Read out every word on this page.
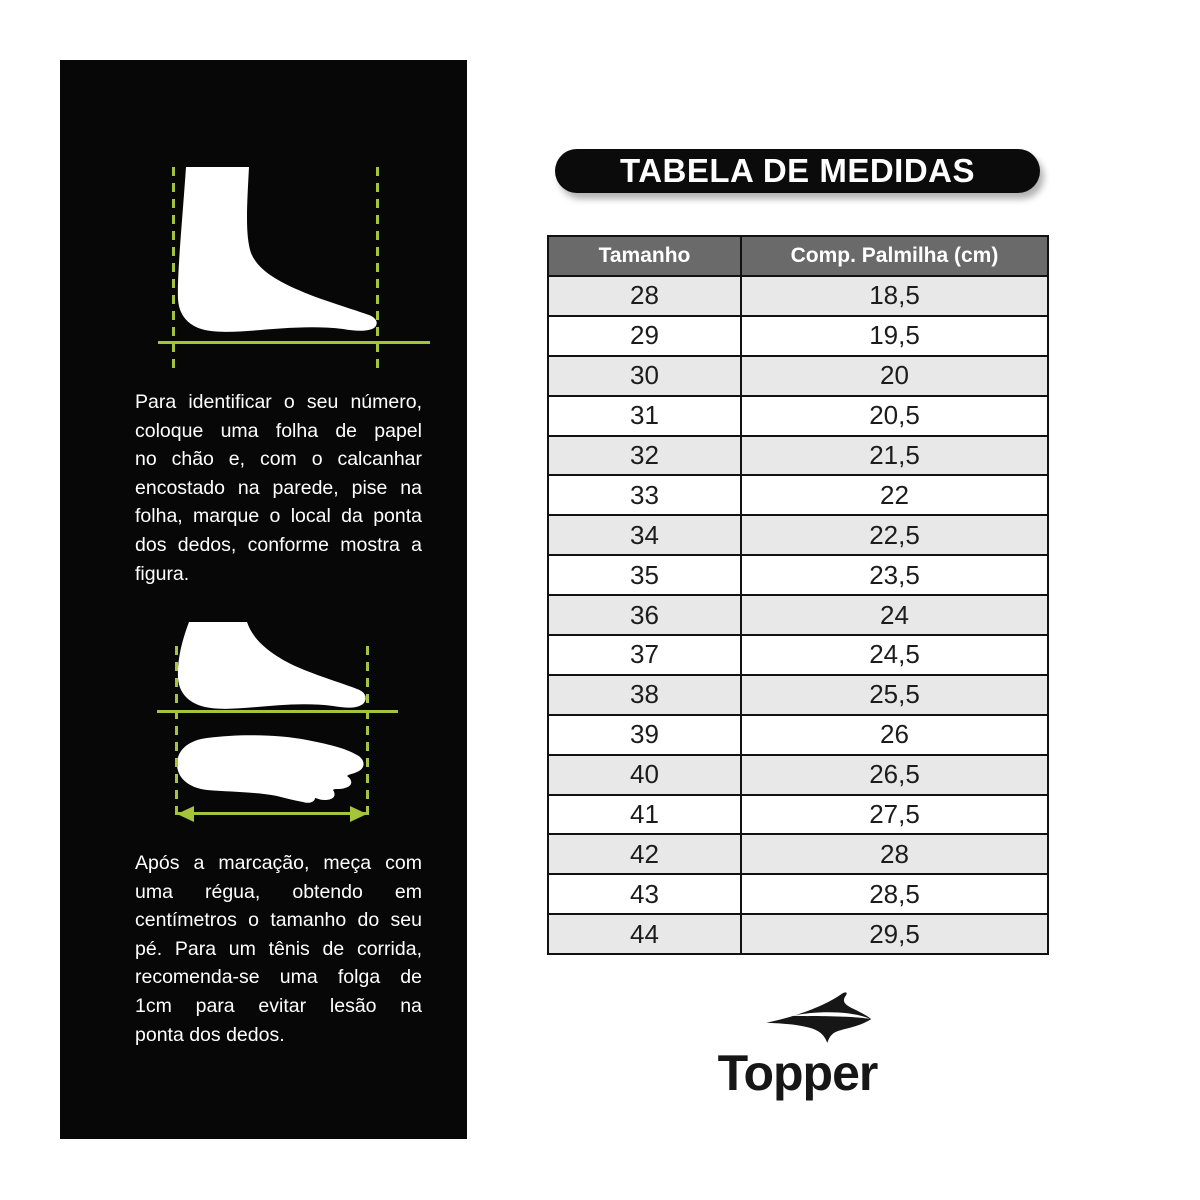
Para identificar o seu número,
coloque uma folha de papel
no chão e, com o calcanhar
encostado na parede, pise na
folha, marque o local da ponta
dos dedos, conforme mostra a
figura.
Após a marcação, meça com
uma régua, obtendo em
centímetros o tamanho do seu
pé. Para um tênis de corrida,
recomenda-se uma folga de
1cm para evitar lesão na
ponta dos dedos.
TABELA DE MEDIDAS
Tamanho	Comp. Palmilha (cm)
28	18,5
29	19,5
30	20
31	20,5
32	21,5
33	22
34	22,5
35	23,5
36	24
37	24,5
38	25,5
39	26
40	26,5
41	27,5
42	28
43	28,5
44	29,5
Topper
